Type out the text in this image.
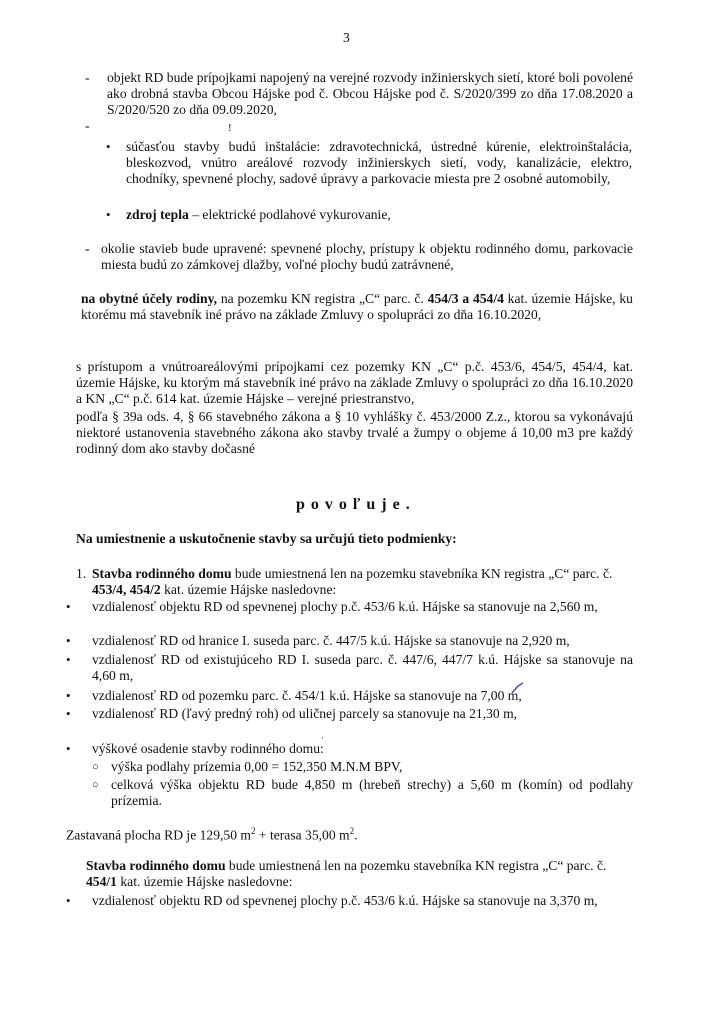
3
- objekt RD bude prípojkami napojený na verejné rozvody inžinierskych sietí, ktoré boli povolené ako drobná stavba Obcou Hájske pod č. Obcou Hájske pod č. S/2020/399 zo dňa 17.08.2020 a S/2020/520 zo dňa 09.09.2020,
-	!
• súčasťou stavby budú inštalácie: zdravotechnická, ústredné kúrenie, elektroinštalácia, bleskozvod, vnútro areálové rozvody inžinierskych sietí, vody, kanalizácie, elektro, chodníky, spevnené plochy, sadové úpravy a parkovacie miesta pre 2 osobné automobily,
• zdroj tepla – elektrické podlahové vykurovanie,
- okolie stavieb bude upravené: spevnené plochy, prístupy k objektu rodinného domu, parkovacie miesta budú zo zámkovej dlažby, voľné plochy budú zatrávnené,
na obytné účely rodiny, na pozemku KN registra „C“ parc. č. 454/3 a 454/4 kat. územie Hájske, ku ktorému má stavebník iné právo na základe Zmluvy o spolupráci zo dňa 16.10.2020,
s prístupom a vnútroareálovými prípojkami cez pozemky KN „C“ p.č. 453/6, 454/5, 454/4, kat. územie Hájske, ku ktorým má stavebník iné právo na základe Zmluvy o spolupráci zo dňa 16.10.2020 a KN „C“ p.č. 614 kat. územie Hájske – verejné priestranstvo,
podľa § 39a ods. 4, § 66 stavebného zákona a § 10 vyhlášky č. 453/2000 Z.z., ktorou sa vykonávajú niektoré ustanovenia stavebného zákona ako stavby trvalé a žumpy o objeme á 10,00 m3 pre každý rodinný dom ako stavby dočasné
povoľuje.
Na umiestnenie a uskutočnenie stavby sa určujú tieto podmienky:
1. Stavba rodinného domu bude umiestnená len na pozemku stavebníka KN registra „C“ parc. č. 453/4, 454/2 kat. územie Hájske nasledovne:
• vzdialenosť objektu RD od spevnenej plochy p.č. 453/6 k.ú. Hájske sa stanovuje na 2,560 m,
• vzdialenosť RD od hranice I. suseda parc. č. 447/5 k.ú. Hájske sa stanovuje na 2,920 m,
• vzdialenosť RD od existujúceho RD I. suseda parc. č. 447/6, 447/7 k.ú. Hájske sa stanovuje na 4,60 m,
• vzdialenosť RD od pozemku parc. č. 454/1 k.ú. Hájske sa stanovuje na 7,00 m,
• vzdialenosť RD (ľavý predný roh) od uličnej parcely sa stanovuje na 21,30 m,
·
• výškové osadenie stavby rodinného domu:
○ výška podlahy prízemia 0,00 = 152,350 M.N.M BPV,
○ celková výška objektu RD bude 4,850 m (hrebeň strechy) a 5,60 m (komín) od podlahy prízemia.
Zastavaná plocha RD je 129,50 $m^2$ + terasa 35,00 $m^2$.
Stavba rodinného domu bude umiestnená len na pozemku stavebníka KN registra „C“ parc. č. 454/1 kat. územie Hájske nasledovne:
• vzdialenosť objektu RD od spevnenej plochy p.č. 453/6 k.ú. Hájske sa stanovuje na 3,370 m,
